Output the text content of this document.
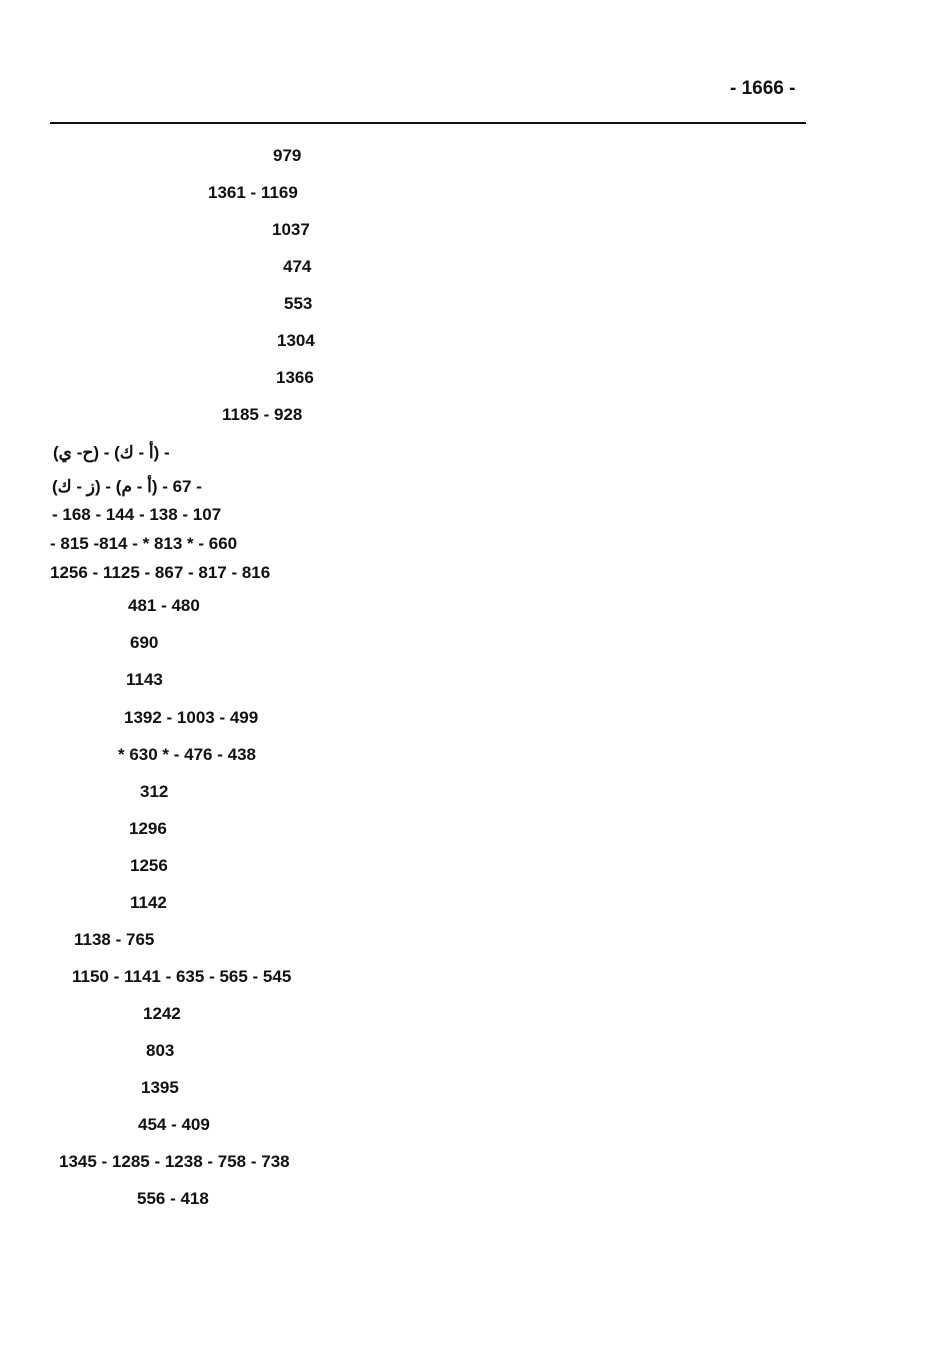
- 1666 -
979
1361 - 1169
1037
474
553
1304
1366
1185 - 928
(ح- ي) - (أ - ك) -
(ز - ك) - (أ - م) - 67 -
- 168 - 144 - 138 - 107
- 815 -814 - * 813 * - 660
1256 - 1125 - 867 - 817 - 816
481 - 480
690
1143
1392 - 1003 - 499
* 630 * - 476 - 438
312
1296
1256
1142
1138 - 765
1150 - 1141 - 635 - 565 - 545
1242
803
1395
454 - 409
1345 - 1285 - 1238 - 758 - 738
556 - 418
